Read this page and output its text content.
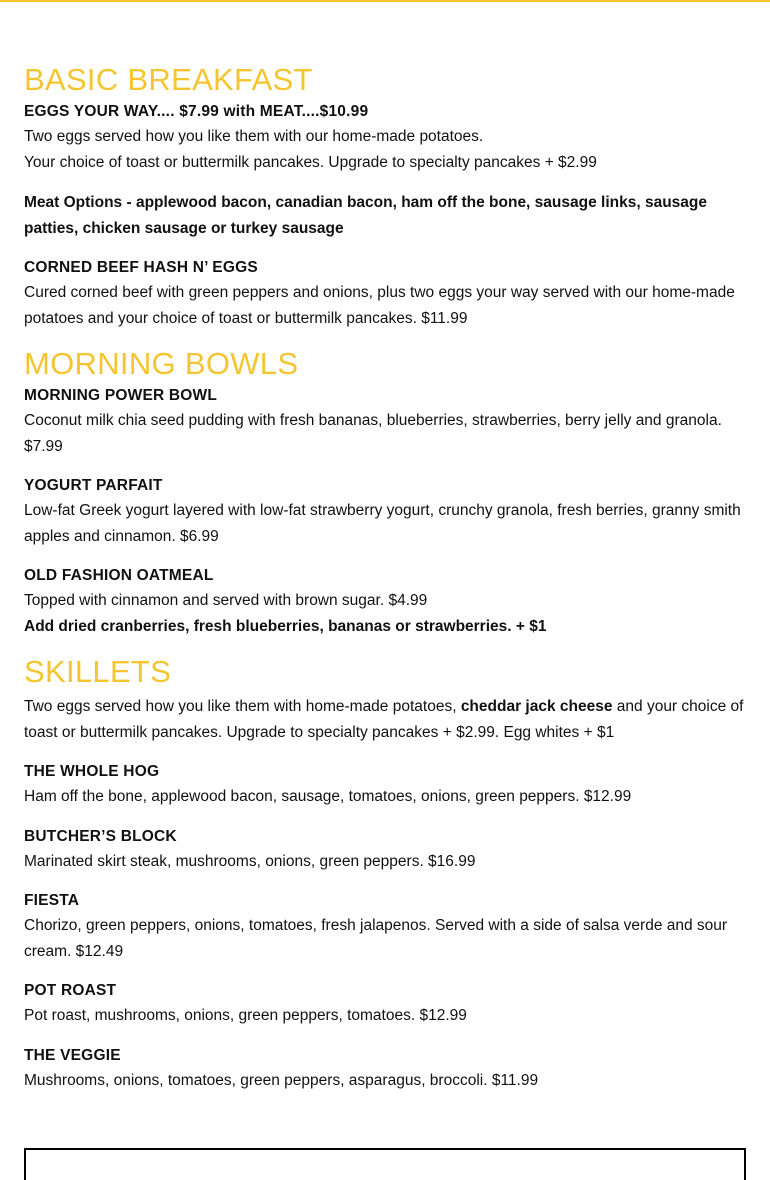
BASIC BREAKFAST
EGGS YOUR WAY.... $7.99 with MEAT....$10.99

Two eggs served how you like them with our home-made potatoes.
Your choice of toast or buttermilk pancakes. Upgrade to specialty pancakes + $2.99

Meat Options - applewood bacon, canadian bacon, ham off the bone, sausage links, sausage patties, chicken sausage or turkey sausage

CORNED BEEF HASH N’ EGGS

Cured corned beef with green peppers and onions, plus two eggs your way served with our home-made potatoes and your choice of toast or buttermilk pancakes. $11.99

MORNING BOWLS
MORNING POWER BOWL

Coconut milk chia seed pudding with fresh bananas, blueberries, strawberries, berry jelly and granola. $7.99

YOGURT PARFAIT

Low-fat Greek yogurt layered with low-fat strawberry yogurt, crunchy granola, fresh berries, granny smith apples and cinnamon. $6.99

OLD FASHION OATMEAL

Topped with cinnamon and served with brown sugar. $4.99

Add dried cranberries, fresh blueberries, bananas or strawberries. + $1

SKILLETS

Two eggs served how you like them with home-made potatoes, cheddar jack cheese and your choice of toast or buttermilk pancakes. Upgrade to specialty pancakes + $2.99. Egg whites + $1

THE WHOLE HOG

Ham off the bone, applewood bacon, sausage, tomatoes, onions, green peppers. $12.99

BUTCHER’S BLOCK

Marinated skirt steak, mushrooms, onions, green peppers. $16.99

FIESTA

Chorizo, green peppers, onions, tomatoes, fresh jalapenos. Served with a side of salsa verde and sour cream. $12.49

POT ROAST

Pot roast, mushrooms, onions, green peppers, tomatoes. $12.99

THE VEGGIE

Mushrooms, onions, tomatoes, green peppers, asparagus, broccoli. $11.99
